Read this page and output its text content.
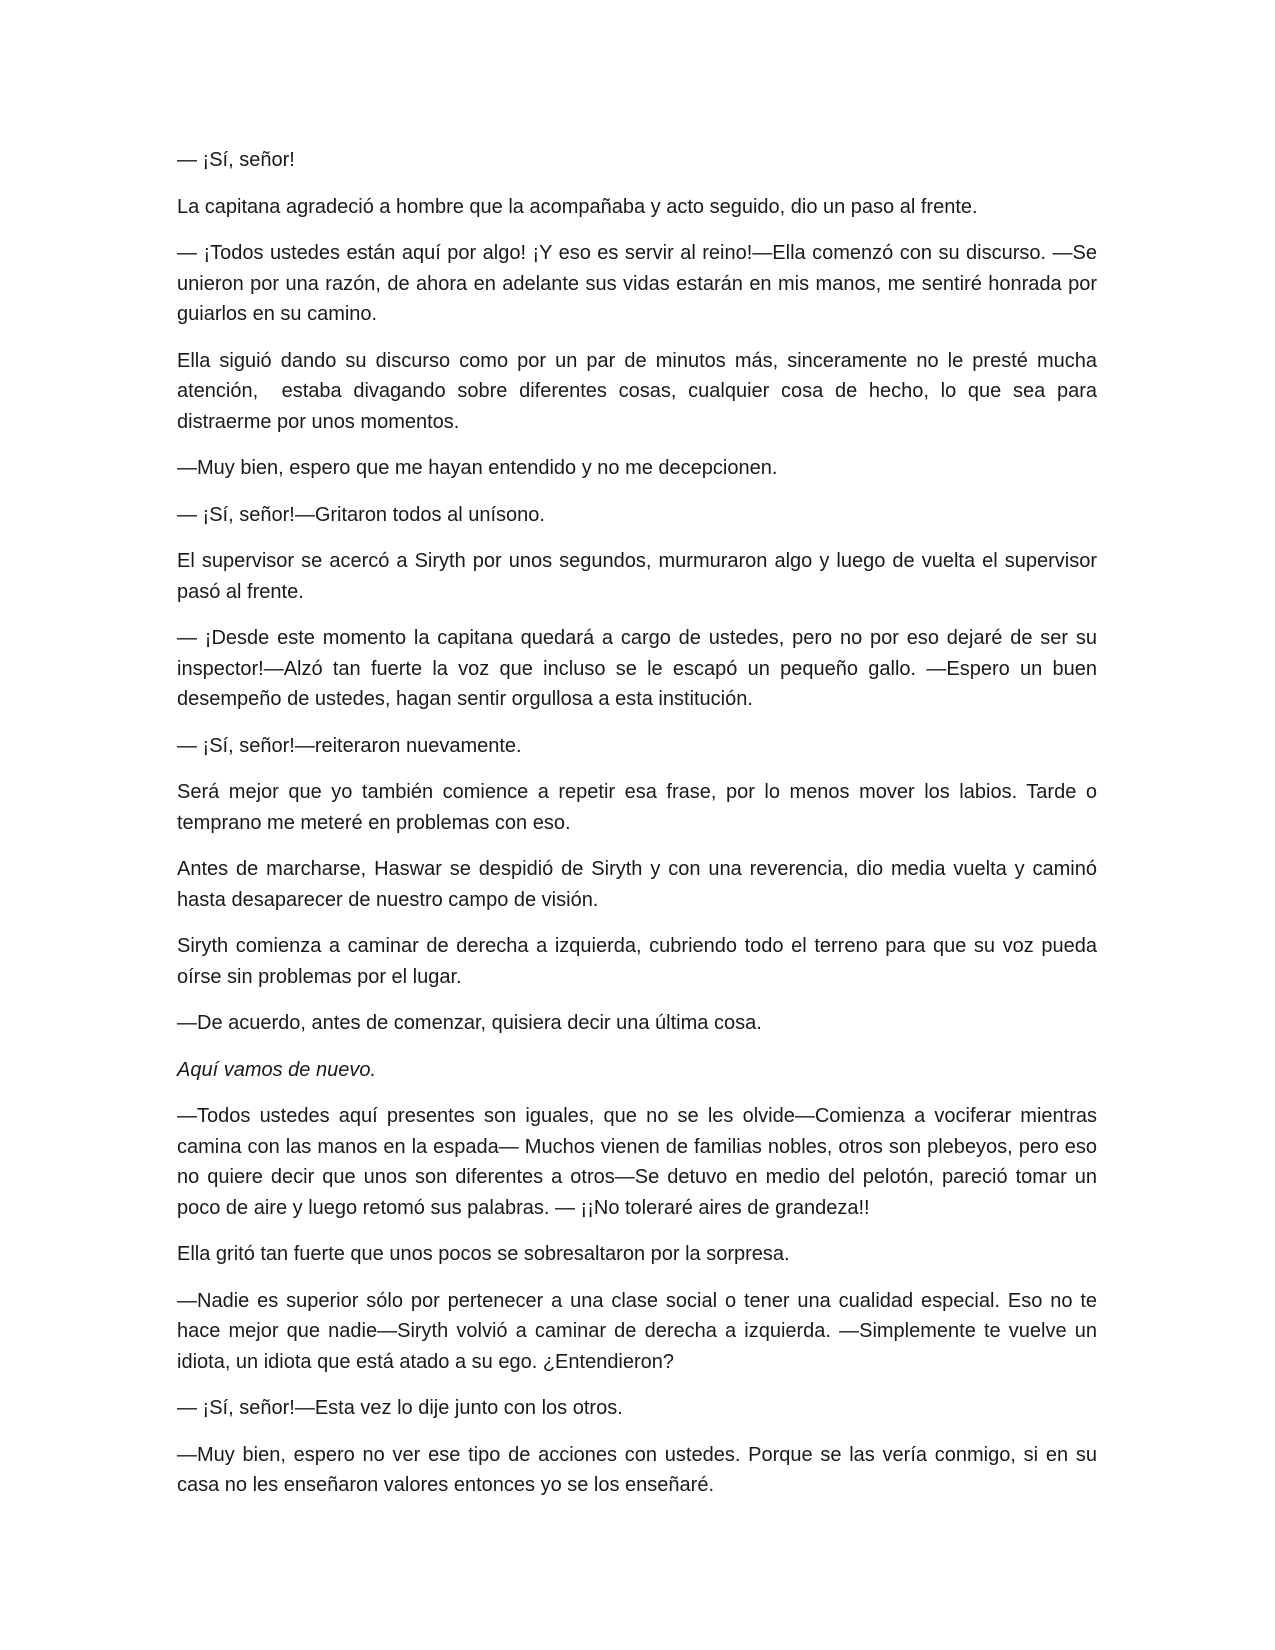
— ¡Sí, señor!

La capitana agradeció a hombre que la acompañaba y acto seguido, dio un paso al frente.

— ¡Todos ustedes están aquí por algo! ¡Y eso es servir al reino!—Ella comenzó con su discurso. —Se unieron por una razón, de ahora en adelante sus vidas estarán en mis manos, me sentiré honrada por guiarlos en su camino.

Ella siguió dando su discurso como por un par de minutos más, sinceramente no le presté mucha atención,  estaba divagando sobre diferentes cosas, cualquier cosa de hecho, lo que sea para distraerme por unos momentos.

—Muy bien, espero que me hayan entendido y no me decepcionen.

— ¡Sí, señor!—Gritaron todos al unísono.

El supervisor se acercó a Siryth por unos segundos, murmuraron algo y luego de vuelta el supervisor pasó al frente.

— ¡Desde este momento la capitana quedará a cargo de ustedes, pero no por eso dejaré de ser su inspector!—Alzó tan fuerte la voz que incluso se le escapó un pequeño gallo. —Espero un buen desempeño de ustedes, hagan sentir orgullosa a esta institución.

— ¡Sí, señor!—reiteraron nuevamente.

Será mejor que yo también comience a repetir esa frase, por lo menos mover los labios. Tarde o temprano me meteré en problemas con eso.

Antes de marcharse, Haswar se despidió de Siryth y con una reverencia, dio media vuelta y caminó hasta desaparecer de nuestro campo de visión.

Siryth comienza a caminar de derecha a izquierda, cubriendo todo el terreno para que su voz pueda oírse sin problemas por el lugar.

—De acuerdo, antes de comenzar, quisiera decir una última cosa.

Aquí vamos de nuevo.

—Todos ustedes aquí presentes son iguales, que no se les olvide—Comienza a vociferar mientras camina con las manos en la espada— Muchos vienen de familias nobles, otros son plebeyos, pero eso no quiere decir que unos son diferentes a otros—Se detuvo en medio del pelotón, pareció tomar un poco de aire y luego retomó sus palabras. — ¡¡No toleraré aires de grandeza!!

Ella gritó tan fuerte que unos pocos se sobresaltaron por la sorpresa.

—Nadie es superior sólo por pertenecer a una clase social o tener una cualidad especial. Eso no te hace mejor que nadie—Siryth volvió a caminar de derecha a izquierda. —Simplemente te vuelve un idiota, un idiota que está atado a su ego. ¿Entendieron?

— ¡Sí, señor!—Esta vez lo dije junto con los otros.

—Muy bien, espero no ver ese tipo de acciones con ustedes. Porque se las vería conmigo, si en su casa no les enseñaron valores entonces yo se los enseñaré.
